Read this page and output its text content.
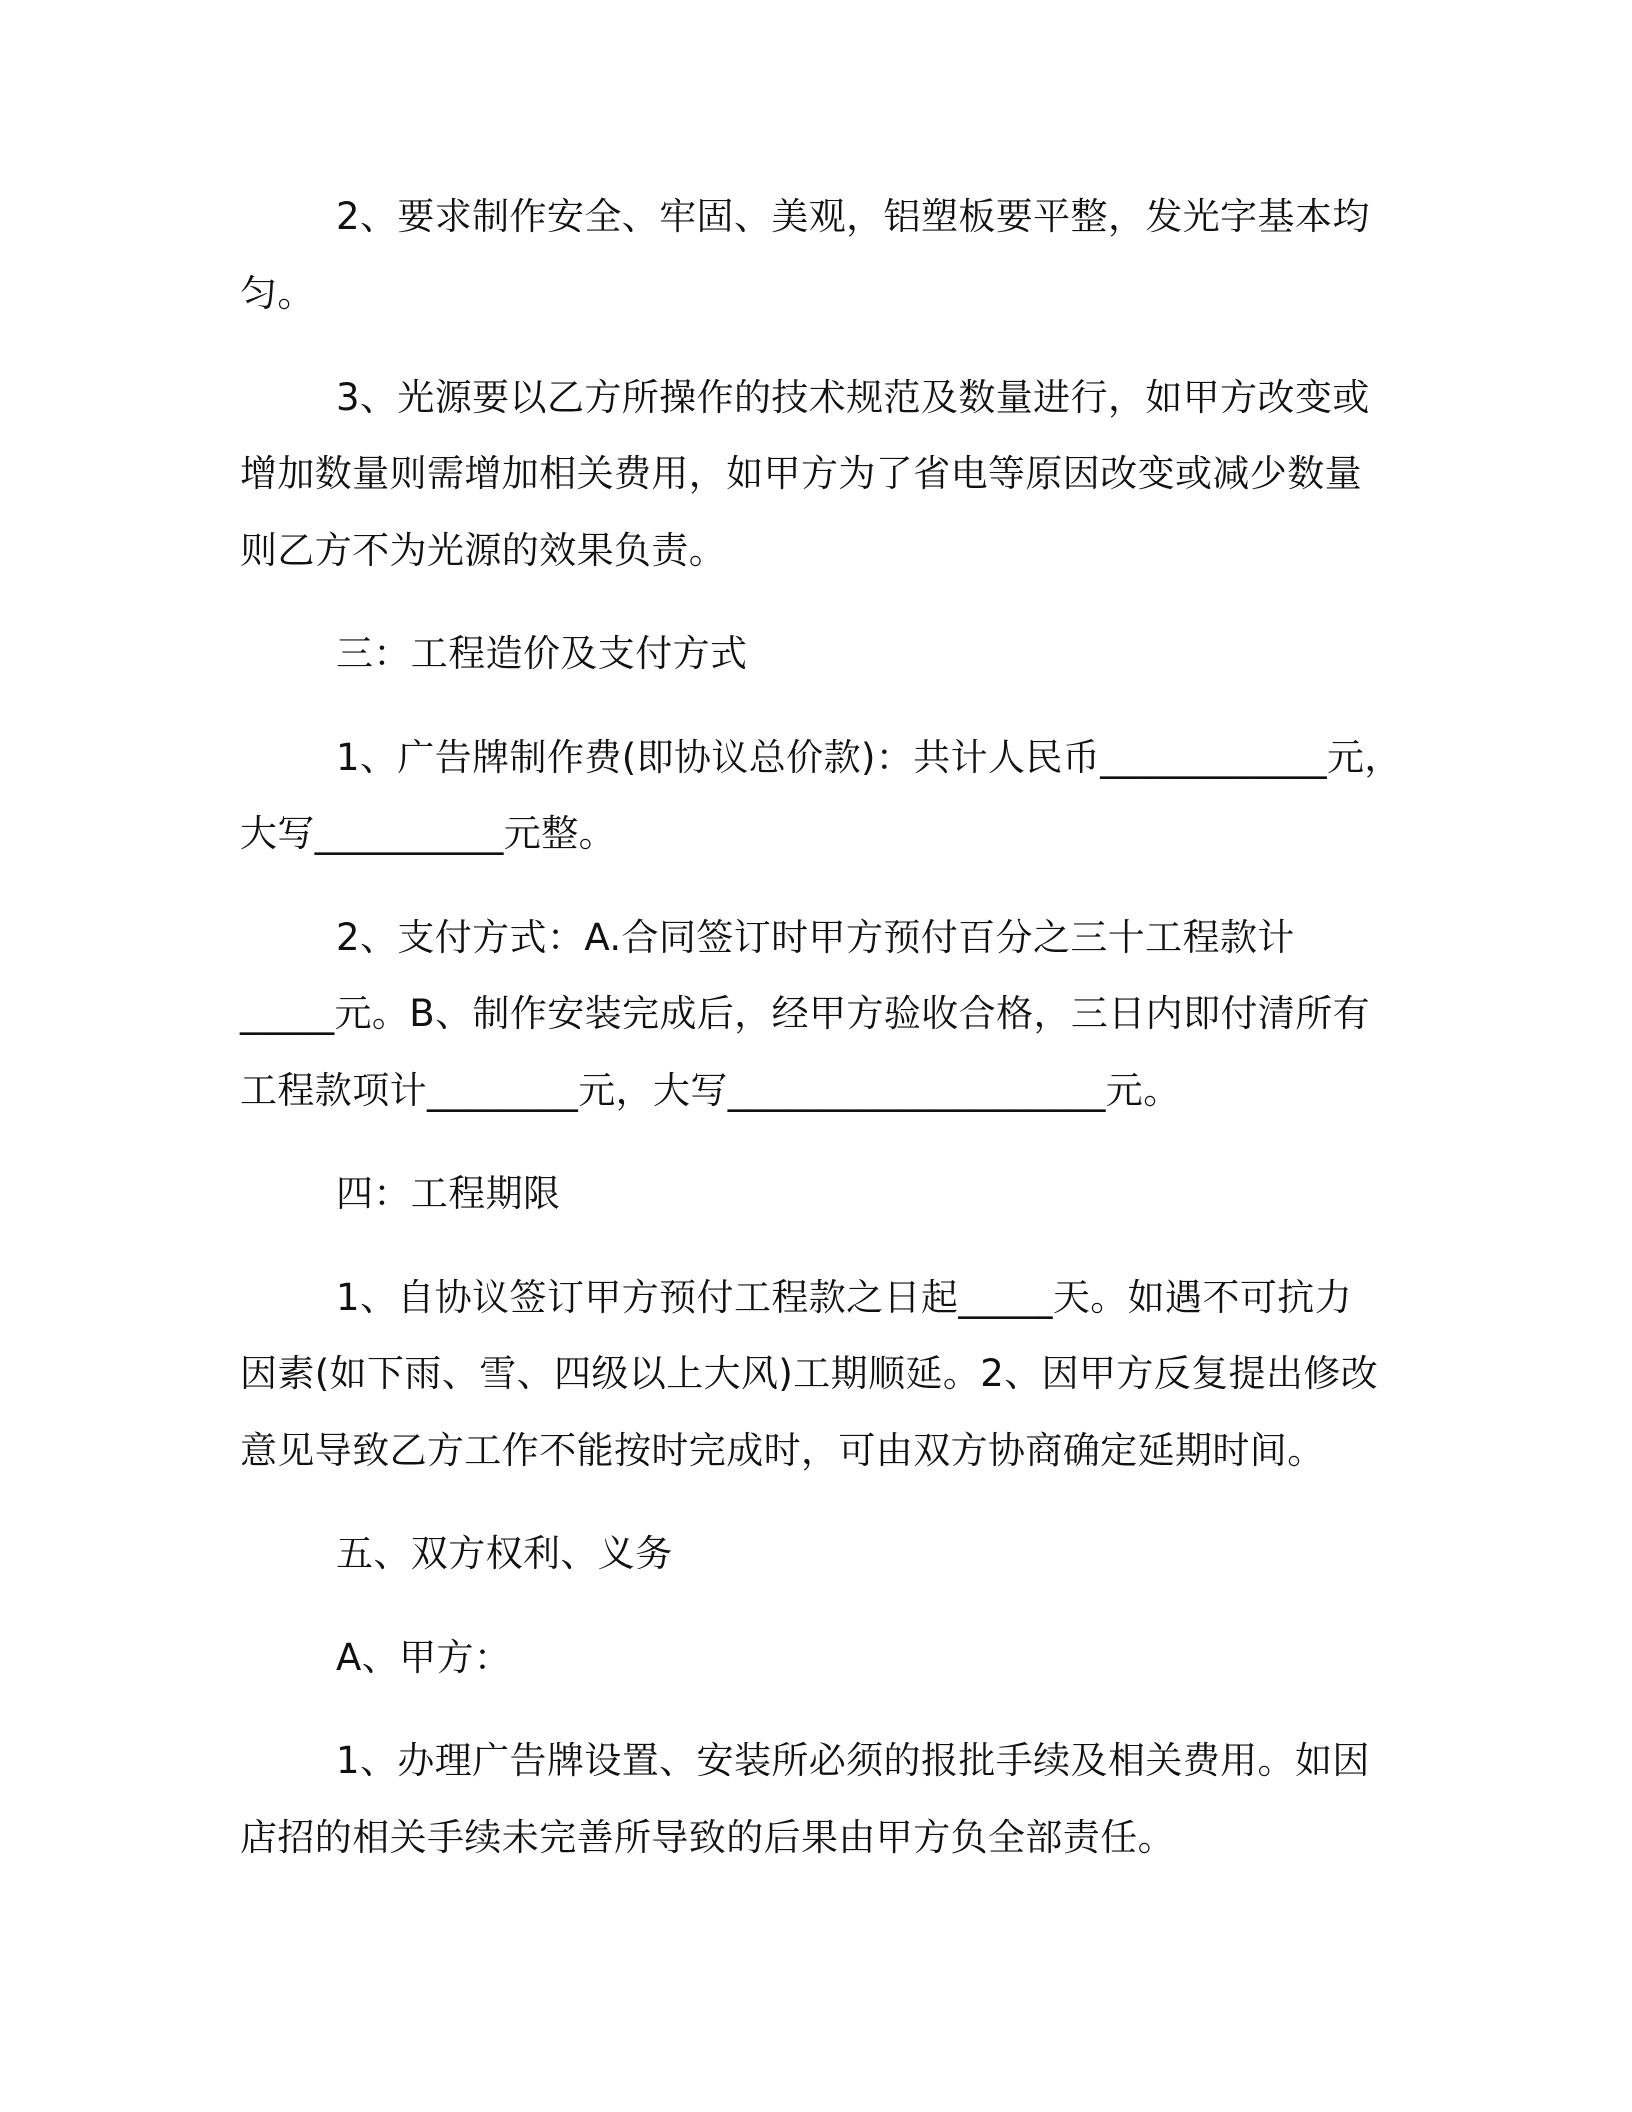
2、要求制作安全、牢固、美观，铝塑板要平整，发光字基本均
匀。
3、光源要以乙方所操作的技术规范及数量进行，如甲方改变或
增加数量则需增加相关费用，如甲方为了省电等原因改变或减少数量
则乙方不为光源的效果负责。
三：工程造价及支付方式
1、广告牌制作费(即协议总价款)：共计人民币____________元，
大写__________元整。
2、支付方式：A.合同签订时甲方预付百分之三十工程款计
_____元。B、制作安装完成后，经甲方验收合格，三日内即付清所有
工程款项计________元，大写____________________元。
四：工程期限
1、自协议签订甲方预付工程款之日起_____天。如遇不可抗力
因素(如下雨、雪、四级以上大风)工期顺延。2、因甲方反复提出修改
意见导致乙方工作不能按时完成时，可由双方协商确定延期时间。
五、双方权利、义务
A、甲方：
1、办理广告牌设置、安装所必须的报批手续及相关费用。如因
店招的相关手续未完善所导致的后果由甲方负全部责任。
